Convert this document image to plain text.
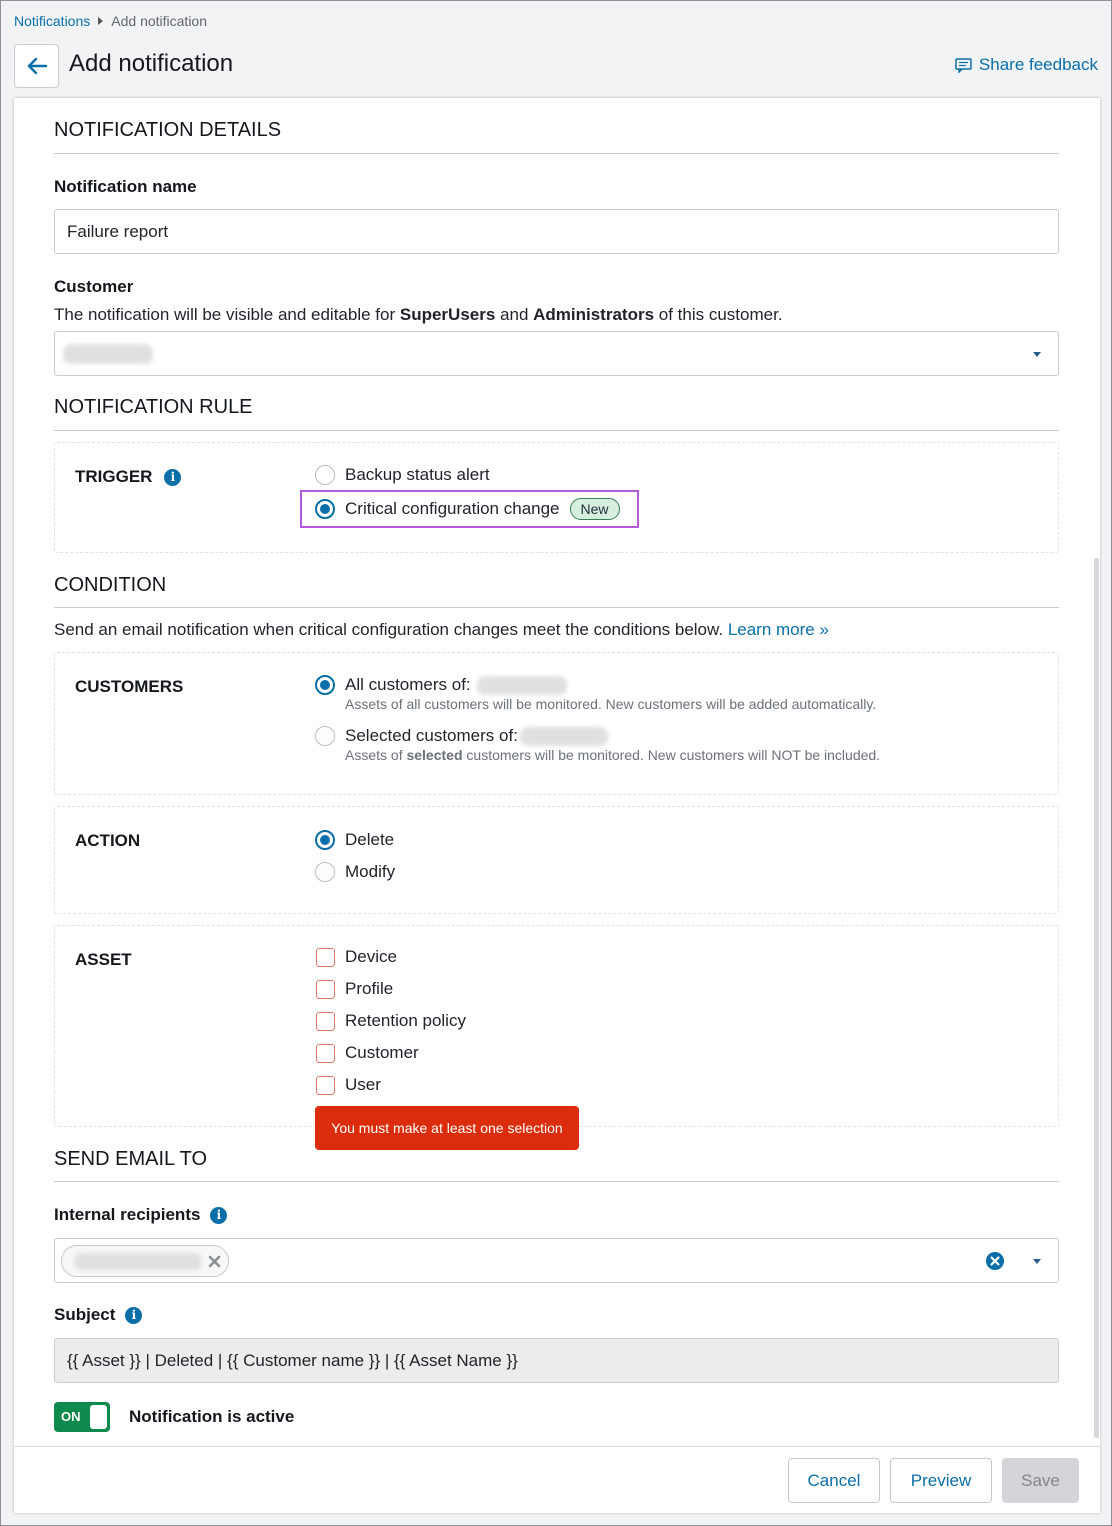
Notifications Add notification
Add notification	Share feedback
NOTIFICATION DETAILS
Notification name
Failure report
Customer
The notification will be visible and editable for SuperUsers and Administrators of this customer.
NOTIFICATION RULE
TRIGGER	i	Backup status alert
Critical configuration change	New
CONDITION
Send an email notification when critical configuration changes meet the conditions below. Learn more »
CUSTOMERS	All customers of:
Assets of all customers will be monitored. New customers will be added automatically.
Selected customers of:
Assets of selected customers will be monitored. New customers will NOT be included.
ACTION	Delete
Modify
ASSET	Device
Profile
Retention policy
Customer
User
You must make at least one selection
SEND EMAIL TO
Internal recipients	i
Subject	i
{{ Asset }} | Deleted | {{ Customer name }} | {{ Asset Name }}
ON	Notification is active
Cancel	Preview	Save
